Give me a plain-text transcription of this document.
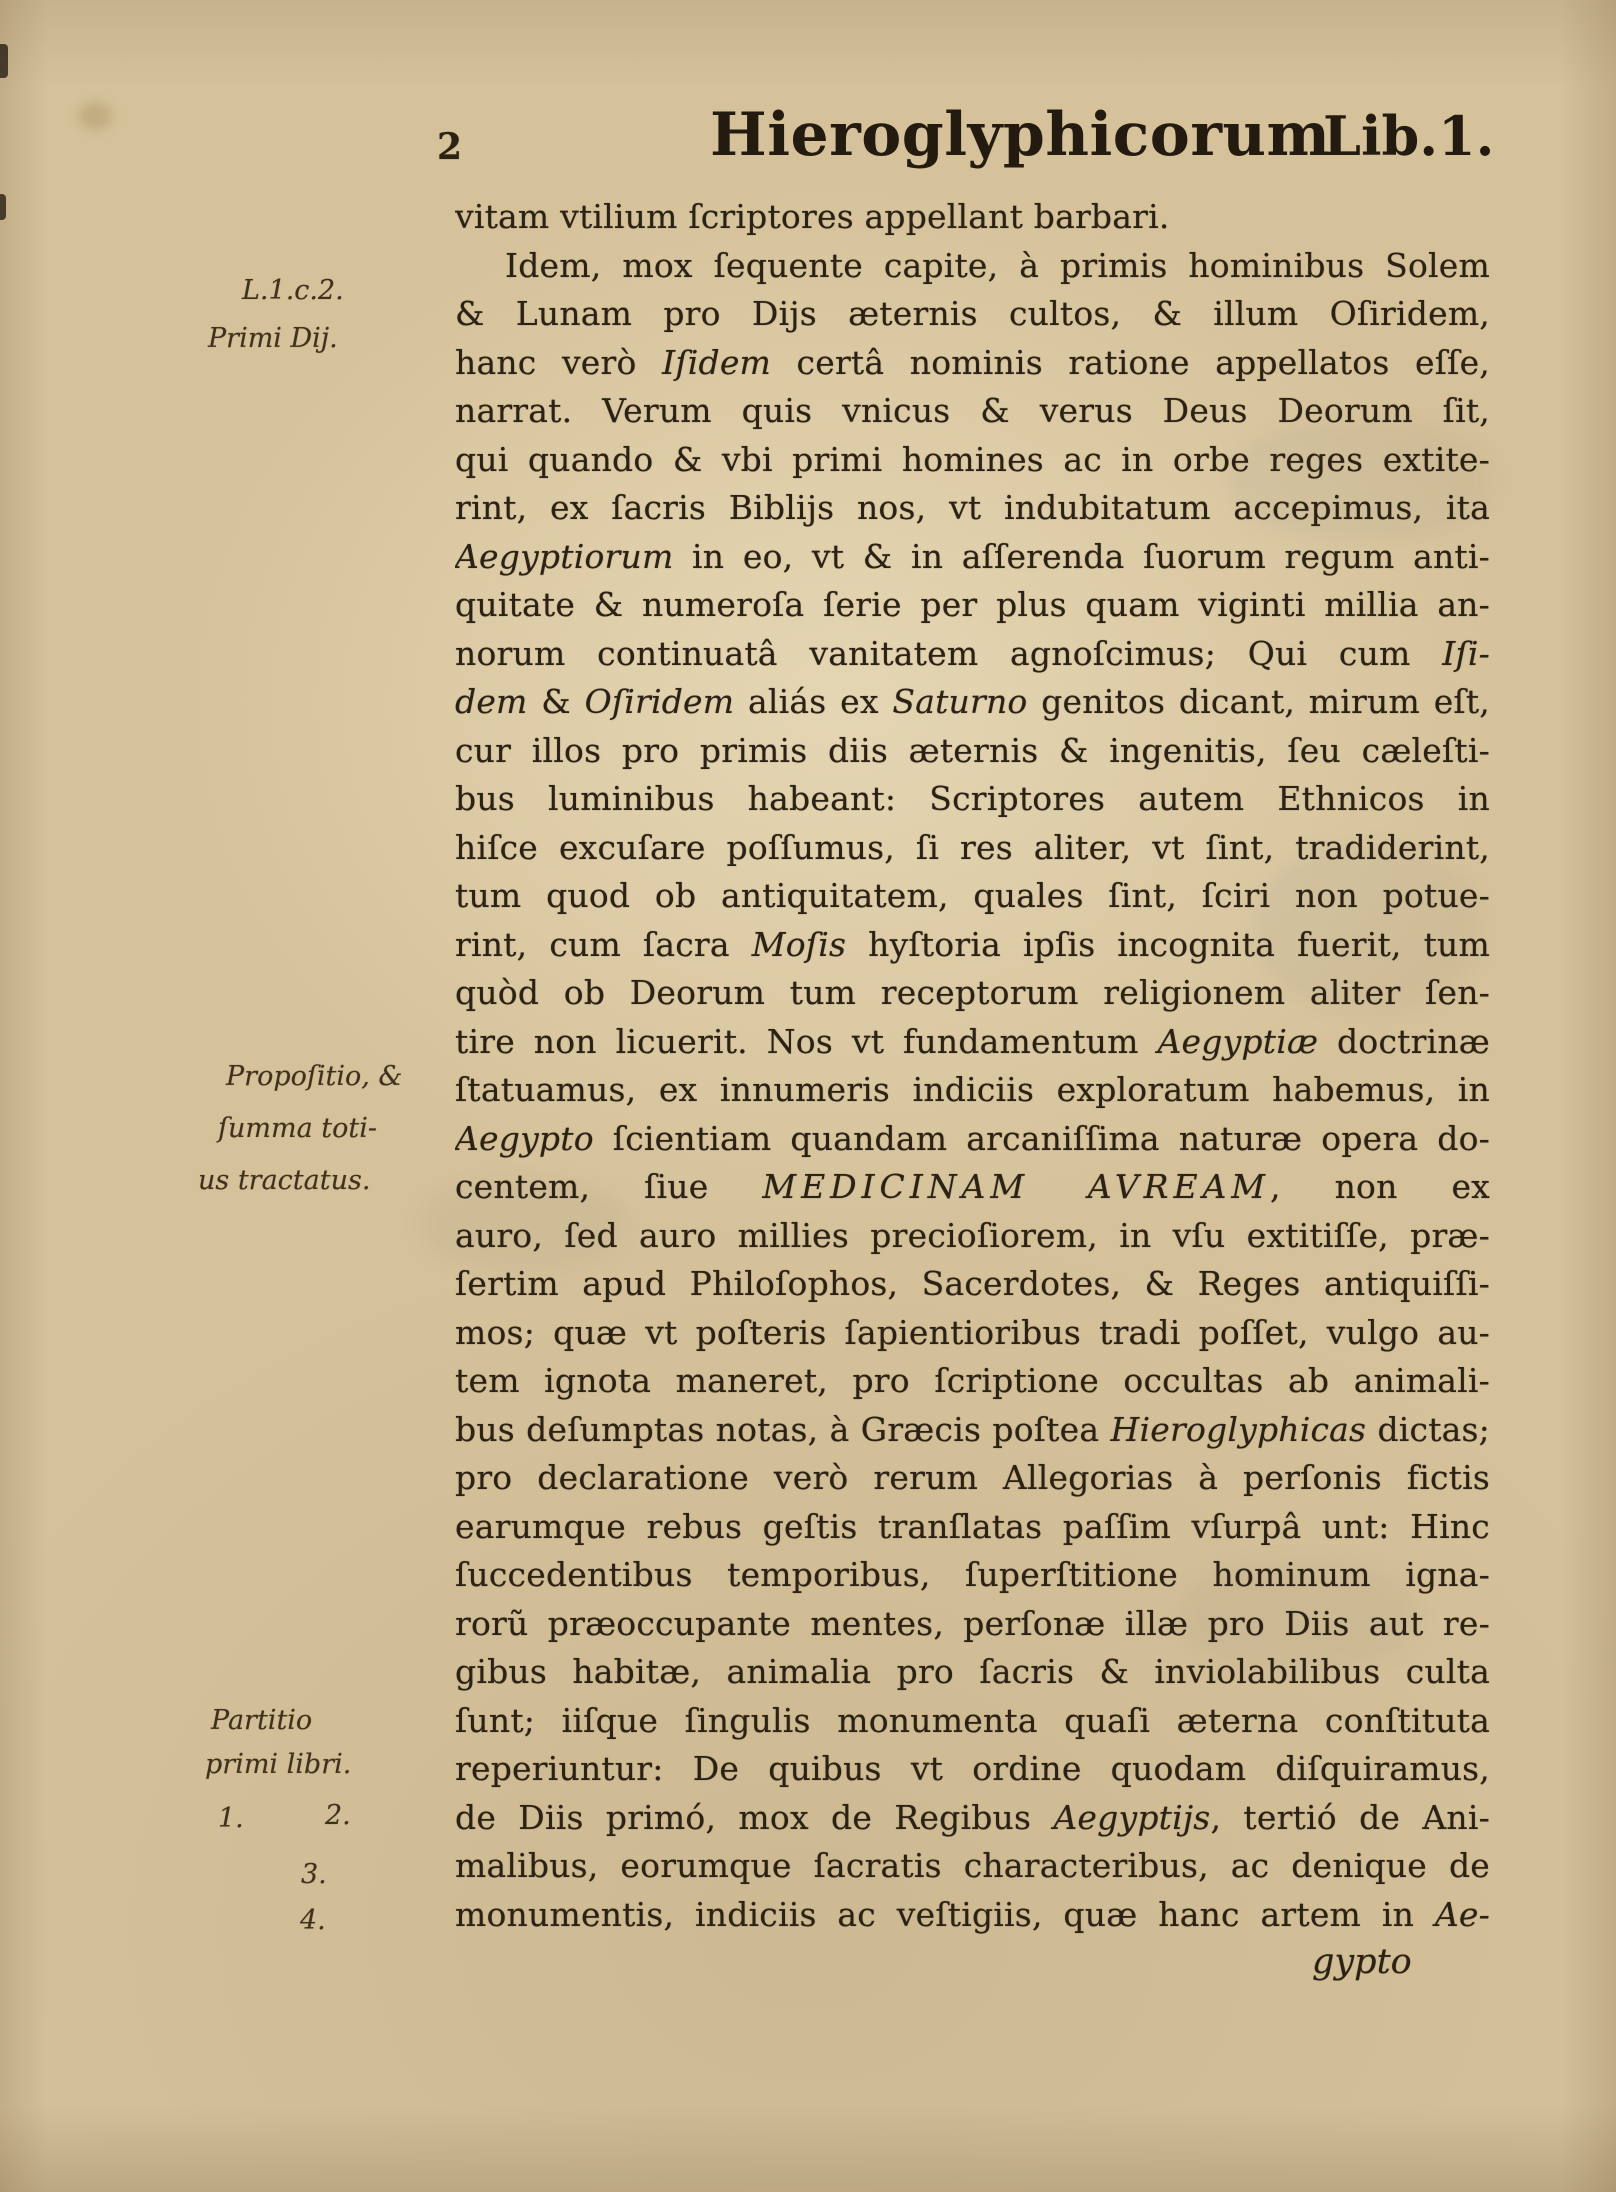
2	Hieroglyphicorum
Lib.1.
L.1.c.2.
Primi Dij.
Propoſitio, &
ſumma toti-
us tractatus.
Partitio
primi libri.
1.	2.
3.
4.
vitam vtilium ſcriptores appellant barbari.
Idem, mox ſequente capite, à primis hominibus Solem
& Lunam pro Dijs æternis cultos, & illum Oſiridem,
hanc verò Iſidem certâ nominis ratione appellatos eſſe,
narrat. Verum quis vnicus & verus Deus Deorum ſit,
qui quando & vbi primi homines ac in orbe reges extite-
rint, ex ſacris Biblijs nos, vt indubitatum accepimus, ita
Aegyptiorum in eo, vt & in aſſerenda ſuorum regum anti-
quitate & numeroſa ſerie per plus quam viginti millia an-
norum continuatâ vanitatem agnoſcimus; Qui cum Iſi-
dem & Oſiridem aliás ex Saturno genitos dicant, mirum eſt,
cur illos pro primis diis æternis & ingenitis, ſeu cæleſti-
bus luminibus habeant: Scriptores autem Ethnicos in
hiſce excuſare poſſumus, ſi res aliter, vt ſint, tradiderint,
tum quod ob antiquitatem, quales ſint, ſciri non potue-
rint, cum ſacra Moſis hyſtoria ipſis incognita fuerit, tum
quòd ob Deorum tum receptorum religionem aliter ſen-
tire non licuerit. Nos vt fundamentum Aegyptiæ doctrinæ
ſtatuamus, ex innumeris indiciis exploratum habemus, in
Aegypto ſcientiam quandam arcaniſſima naturæ opera do-
centem, ſiue MEDICINAM AVREAM, non ex
auro, ſed auro millies precioſiorem, in vſu extitiſſe, præ-
ſertim apud Philoſophos, Sacerdotes, & Reges antiquiſſi-
mos; quæ vt poſteris ſapientioribus tradi poſſet, vulgo au-
tem ignota maneret, pro ſcriptione occultas ab animali-
bus deſumptas notas, à Græcis poſtea Hieroglyphicas dictas;
pro declaratione verò rerum Allegorias à perſonis fictis
earumque rebus geſtis tranſlatas paſſim vſurpâ unt: Hinc
ſuccedentibus temporibus, ſuperſtitione hominum igna-
rorũ præoccupante mentes, perſonæ illæ pro Diis aut re-
gibus habitæ, animalia pro ſacris & inviolabilibus culta
ſunt; iiſque ſingulis monumenta quaſi æterna conſtituta
reperiuntur: De quibus vt ordine quodam diſquiramus,
de Diis primó, mox de Regibus Aegyptijs, tertió de Ani-
malibus, eorumque ſacratis characteribus, ac denique de
monumentis, indiciis ac veſtigiis, quæ hanc artem in Ae-
gypto
